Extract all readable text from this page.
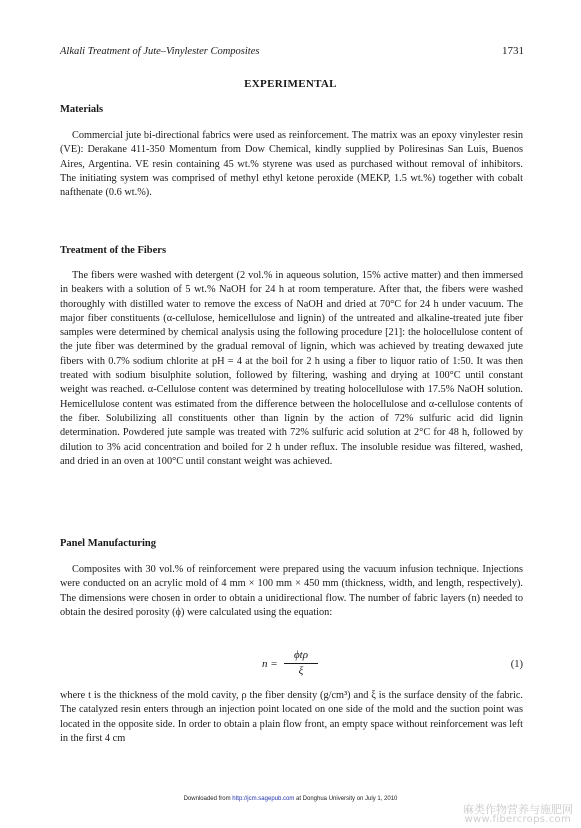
Alkali Treatment of Jute–Vinylester Composites	1731
EXPERIMENTAL
Materials

Commercial jute bi-directional fabrics were used as reinforcement. The matrix was an epoxy vinylester resin (VE): Derakane 411-350 Momentum from Dow Chemical, kindly supplied by Poliresinas San Luis, Buenos Aires, Argentina. VE resin containing 45 wt.% styrene was used as purchased without removal of inhibitors. The initiating system was comprised of methyl ethyl ketone peroxide (MEKP, 1.5 wt.%) together with cobalt nafthenate (0.6 wt.%).

Treatment of the Fibers

The fibers were washed with detergent (2 vol.% in aqueous solution, 15% active matter) and then immersed in beakers with a solution of 5 wt.% NaOH for 24 h at room temperature. After that, the fibers were washed thoroughly with distilled water to remove the excess of NaOH and dried at 70°C for 24 h under vacuum. The major fiber constituents (α-cellulose, hemicellulose and lignin) of the untreated and alkaline-treated jute fiber samples were determined by chemical analysis using the following procedure [21]: the holocellulose content of the jute fiber was determined by the gradual removal of lignin, which was achieved by treating dewaxed jute fibers with 0.7% sodium chlorite at pH = 4 at the boil for 2 h using a fiber to liquor ratio of 1:50. It was then treated with sodium bisulphite solution, followed by filtering, washing and drying at 100°C until constant weight was reached. α-Cellulose content was determined by treating holocellulose with 17.5% NaOH solution. Hemicellulose content was estimated from the difference between the holocellulose and α-cellulose contents of the fiber. Solubilizing all constituents other than lignin by the action of 72% sulfuric acid did lignin determination. Powdered jute sample was treated with 72% sulfuric acid solution at 2°C for 48 h, followed by dilution to 3% acid concentration and boiled for 2 h under reflux. The insoluble residue was filtered, washed, and dried in an oven at 100°C until constant weight was achieved.

Panel Manufacturing

Composites with 30 vol.% of reinforcement were prepared using the vacuum infusion technique. Injections were conducted on an acrylic mold of 4 mm × 100 mm × 450 mm (thickness, width, and length, respectively). The dimensions were chosen in order to obtain a unidirectional flow. The number of fabric layers (n) needed to obtain the desired porosity (ϕ) were calculated using the equation:

n =
ϕtρ
ξ
(1)

where t is the thickness of the mold cavity, ρ the fiber density (g/cm³) and ξ is the surface density of the fabric. The catalyzed resin enters through an injection point located on one side of the mold and the suction point was located in the opposite side. In order to obtain a plain flow front, an empty space without reinforcement was left in the first 4 cm

Downloaded from http://jcm.sagepub.com at Donghua University on July 1, 2010
麻类作物营养与施肥网
www.fibercrops.com
